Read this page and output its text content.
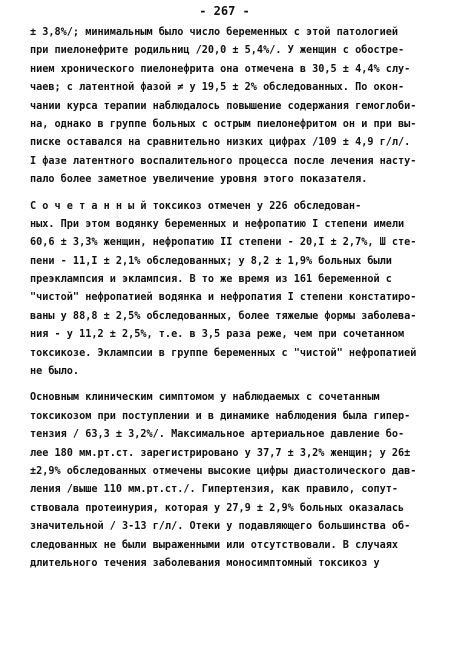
- 267 -
± 3,8%/; минимальным было число беременных с этой патологией
при пиелонефрите родильниц /20,0 ± 5,4%/. У женщин с обостре-
нием хронического пиелонефрита она отмечена в 30,5 ± 4,4% слу-
чаев; с латентной фазой ≠ у 19,5 ± 2% обследованных. По окон-
чании курса терапии наблюдалось повышение содержания гемоглоби-
на, однако в группе больных с острым пиелонефритом он и при вы-
писке оставался на сравнительно низких цифрах /109 ± 4,9 г/л/.
I фазе латентного воспалительного процесса после лечения насту-
пало более заметное увеличение уровня этого показателя.
С о ч е т а н н ы й токсикоз отмечен у 226 обследован-
ных. При этом водянку беременных и нефропатию I степени имели
60,6 ± 3,3% женщин, нефропатию II степени - 20,I ± 2,7%, Ш сте-
пени - 11,I ± 2,1% обследованных; у 8,2 ± 1,9% больных были
преэклампсия и эклампсия. В то же время из 161 беременной с
"чистой" нефропатией водянка и нефропатия I степени констатиро-
ваны у 88,8 ± 2,5% обследованных, более тяжелые формы заболева-
ния - у 11,2 ± 2,5%, т.е. в 3,5 раза реже, чем при сочетанном
токсикозе. Эклампсии в группе беременных с "чистой" нефропатией
не было.
Основным клиническим симптомом у наблюдаемых с сочетанным
токсикозом при поступлении и в динамике наблюдения была гипер-
тензия / 63,3 ± 3,2%/. Максимальное артериальное давление бо-
лее 180 мм.рт.ст. зарегистрировано у 37,7 ± 3,2% женщин; у 26±
±2,9% обследованных отмечены высокие цифры диастолического дав-
ления /выше 110 мм.рт.ст./. Гипертензия, как правило, сопут-
ствовала протеинурия, которая у 27,9 ± 2,9% больных оказалась
значительной / 3-13 г/л/. Отеки у подавляющего большинства об-
следованных не были выраженными или отсутствовали. В случаях
длительного течения заболевания моносимптомный токсикоз у
